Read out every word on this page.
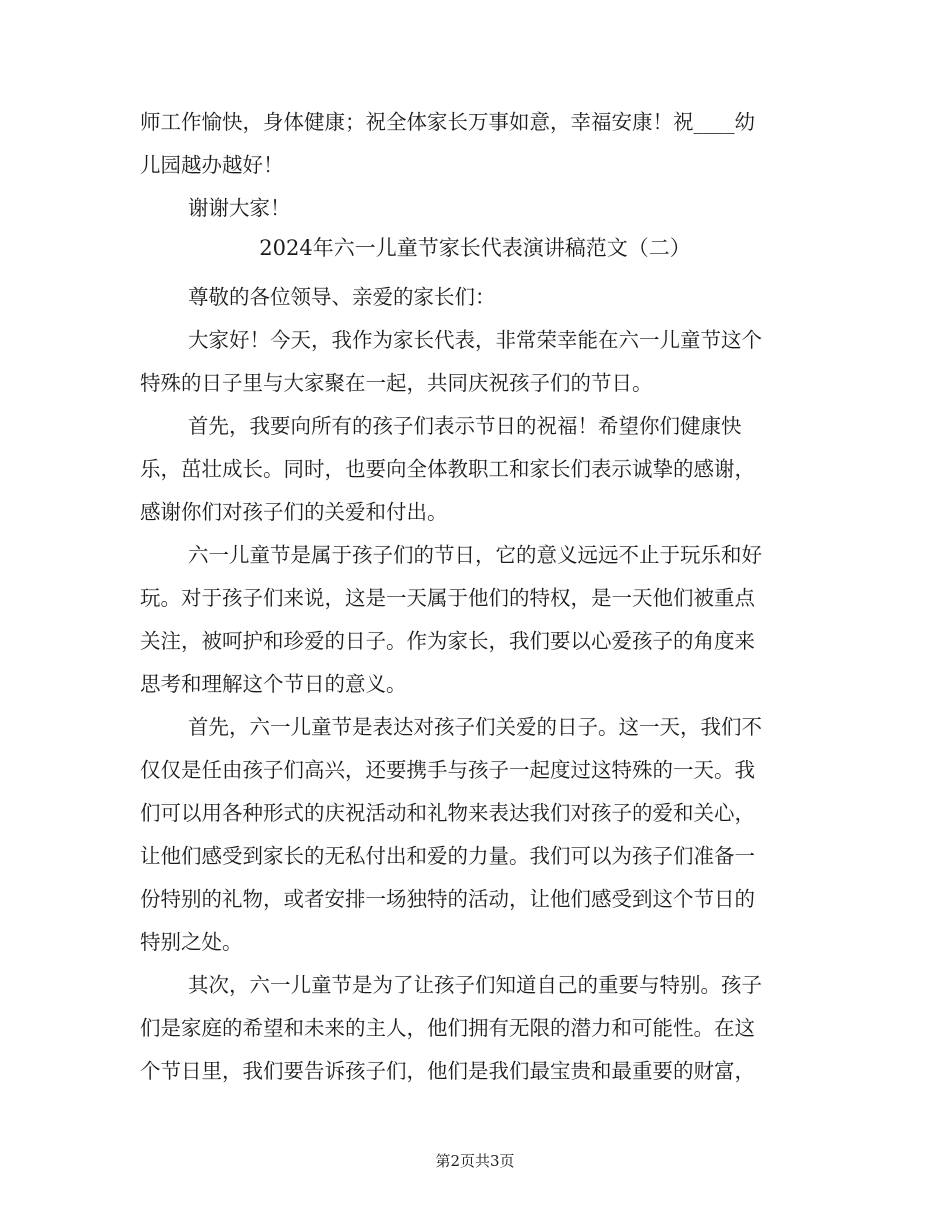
师工作愉快，身体健康；祝全体家长万事如意，幸福安康！祝____幼
儿园越办越好！
谢谢大家！
2024年六一儿童节家长代表演讲稿范文（二）
尊敬的各位领导、亲爱的家长们：
大家好！今天，我作为家长代表，非常荣幸能在六一儿童节这个
特殊的日子里与大家聚在一起，共同庆祝孩子们的节日。
首先，我要向所有的孩子们表示节日的祝福！希望你们健康快
乐，茁壮成长。同时，也要向全体教职工和家长们表示诚挚的感谢，
感谢你们对孩子们的关爱和付出。
六一儿童节是属于孩子们的节日，它的意义远远不止于玩乐和好
玩。对于孩子们来说，这是一天属于他们的特权，是一天他们被重点
关注，被呵护和珍爱的日子。作为家长，我们要以心爱孩子的角度来
思考和理解这个节日的意义。
首先，六一儿童节是表达对孩子们关爱的日子。这一天，我们不
仅仅是任由孩子们高兴，还要携手与孩子一起度过这特殊的一天。我
们可以用各种形式的庆祝活动和礼物来表达我们对孩子的爱和关心，
让他们感受到家长的无私付出和爱的力量。我们可以为孩子们准备一
份特别的礼物，或者安排一场独特的活动，让他们感受到这个节日的
特别之处。
其次，六一儿童节是为了让孩子们知道自己的重要与特别。孩子
们是家庭的希望和未来的主人，他们拥有无限的潜力和可能性。在这
个节日里，我们要告诉孩子们，他们是我们最宝贵和最重要的财富，
第2页共3页
